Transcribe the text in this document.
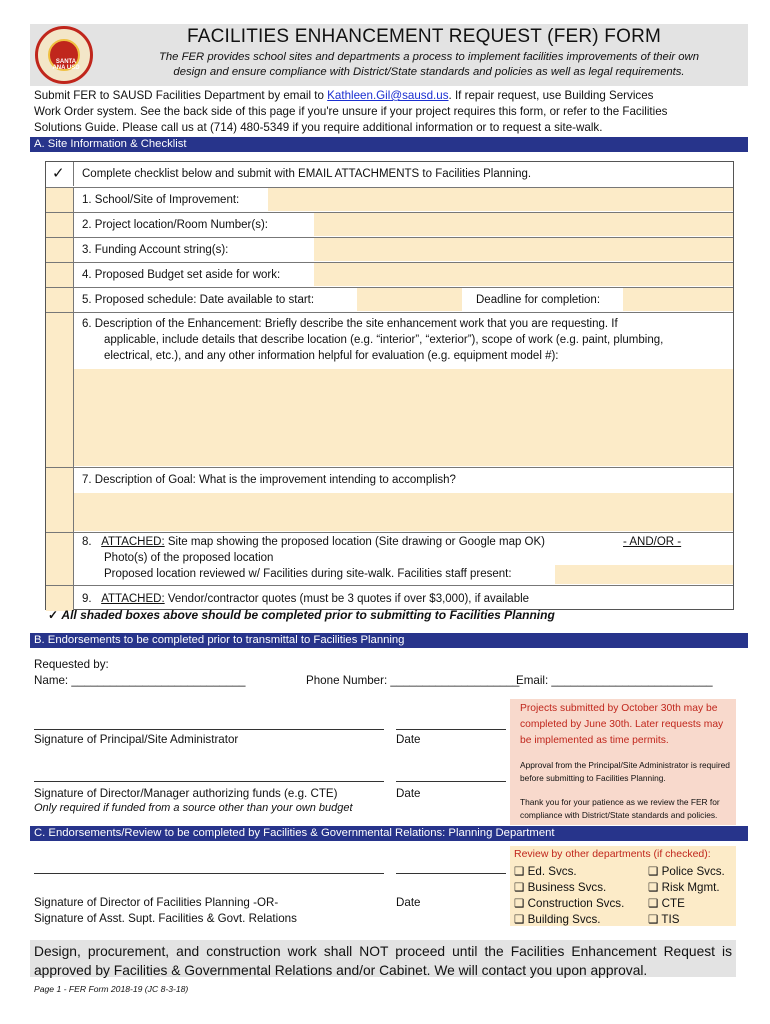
SANTA ANA USD
FACILITIES ENHANCEMENT REQUEST (FER) FORM
The FER provides school sites and departments a process to implement facilities improvements of their own
design and ensure compliance with District/State standards and policies as well as legal requirements.
Submit FER to SAUSD Facilities Department by email to Kathleen.Gil@sausd.us. If repair request, use Building Services
Work Order system. See the back side of this page if you're unsure if your project requires this form, or refer to the Facilities
Solutions Guide. Please call us at (714) 480-5349 if you require additional information or to request a site-walk.
A. Site Information & Checklist
✓ Complete checklist below and submit with EMAIL ATTACHMENTS to Facilities Planning.
1. School/Site of Improvement:
2. Project location/Room Number(s):
3. Funding Account string(s):
4. Proposed Budget set aside for work:
5. Proposed schedule: Date available to start:	Deadline for completion:
6. Description of the Enhancement: Briefly describe the site enhancement work that you are requesting. If
applicable, include details that describe location (e.g. “interior”, “exterior”), scope of work (e.g. paint, plumbing,
electrical, etc.), and any other information helpful for evaluation (e.g. equipment model #):
7. Description of Goal: What is the improvement intending to accomplish?
8. ATTACHED: Site map showing the proposed location (Site drawing or Google map OK)	- AND/OR -
Photo(s) of the proposed location
Proposed location reviewed w/ Facilities during site-walk. Facilities staff present:
9. ATTACHED: Vendor/contractor quotes (must be 3 quotes if over $3,000), if available
✓ All shaded boxes above should be completed prior to submitting to Facilities Planning
B. Endorsements to be completed prior to transmittal to Facilities Planning
Requested by:
Name: ___________________________	Phone Number: ____________________
Email: _________________________
Signature of Principal/Site Administrator	Date
Signature of Director/Manager authorizing funds (e.g. CTE)
Only required if funded from a source other than your own budget
Date
Projects submitted by October 30th may be
completed by June 30th. Later requests may
be implemented as time permits.
Approval from the Principal/Site Administrator is required
before submitting to Facilities Planning.
Thank you for your patience as we review the FER for
compliance with District/State standards and policies.
C. Endorsements/Review to be completed by Facilities & Governmental Relations: Planning Department
Signature of Director of Facilities Planning -OR-
Signature of Asst. Supt. Facilities & Govt. Relations
Date
Review by other departments (if checked):
❑ Ed. Svcs.	❑ Police Svcs.
❑ Business Svcs.	❑ Risk Mgmt.
❑ Construction Svcs. ❑ CTE
❑ Building Svcs.	❑ TIS
Design, procurement, and construction work shall NOT proceed until the Facilities Enhancement Request is approved by Facilities & Governmental Relations and/or Cabinet. We will contact you upon approval.
Page 1 - FER Form 2018-19 (JC 8-3-18)
